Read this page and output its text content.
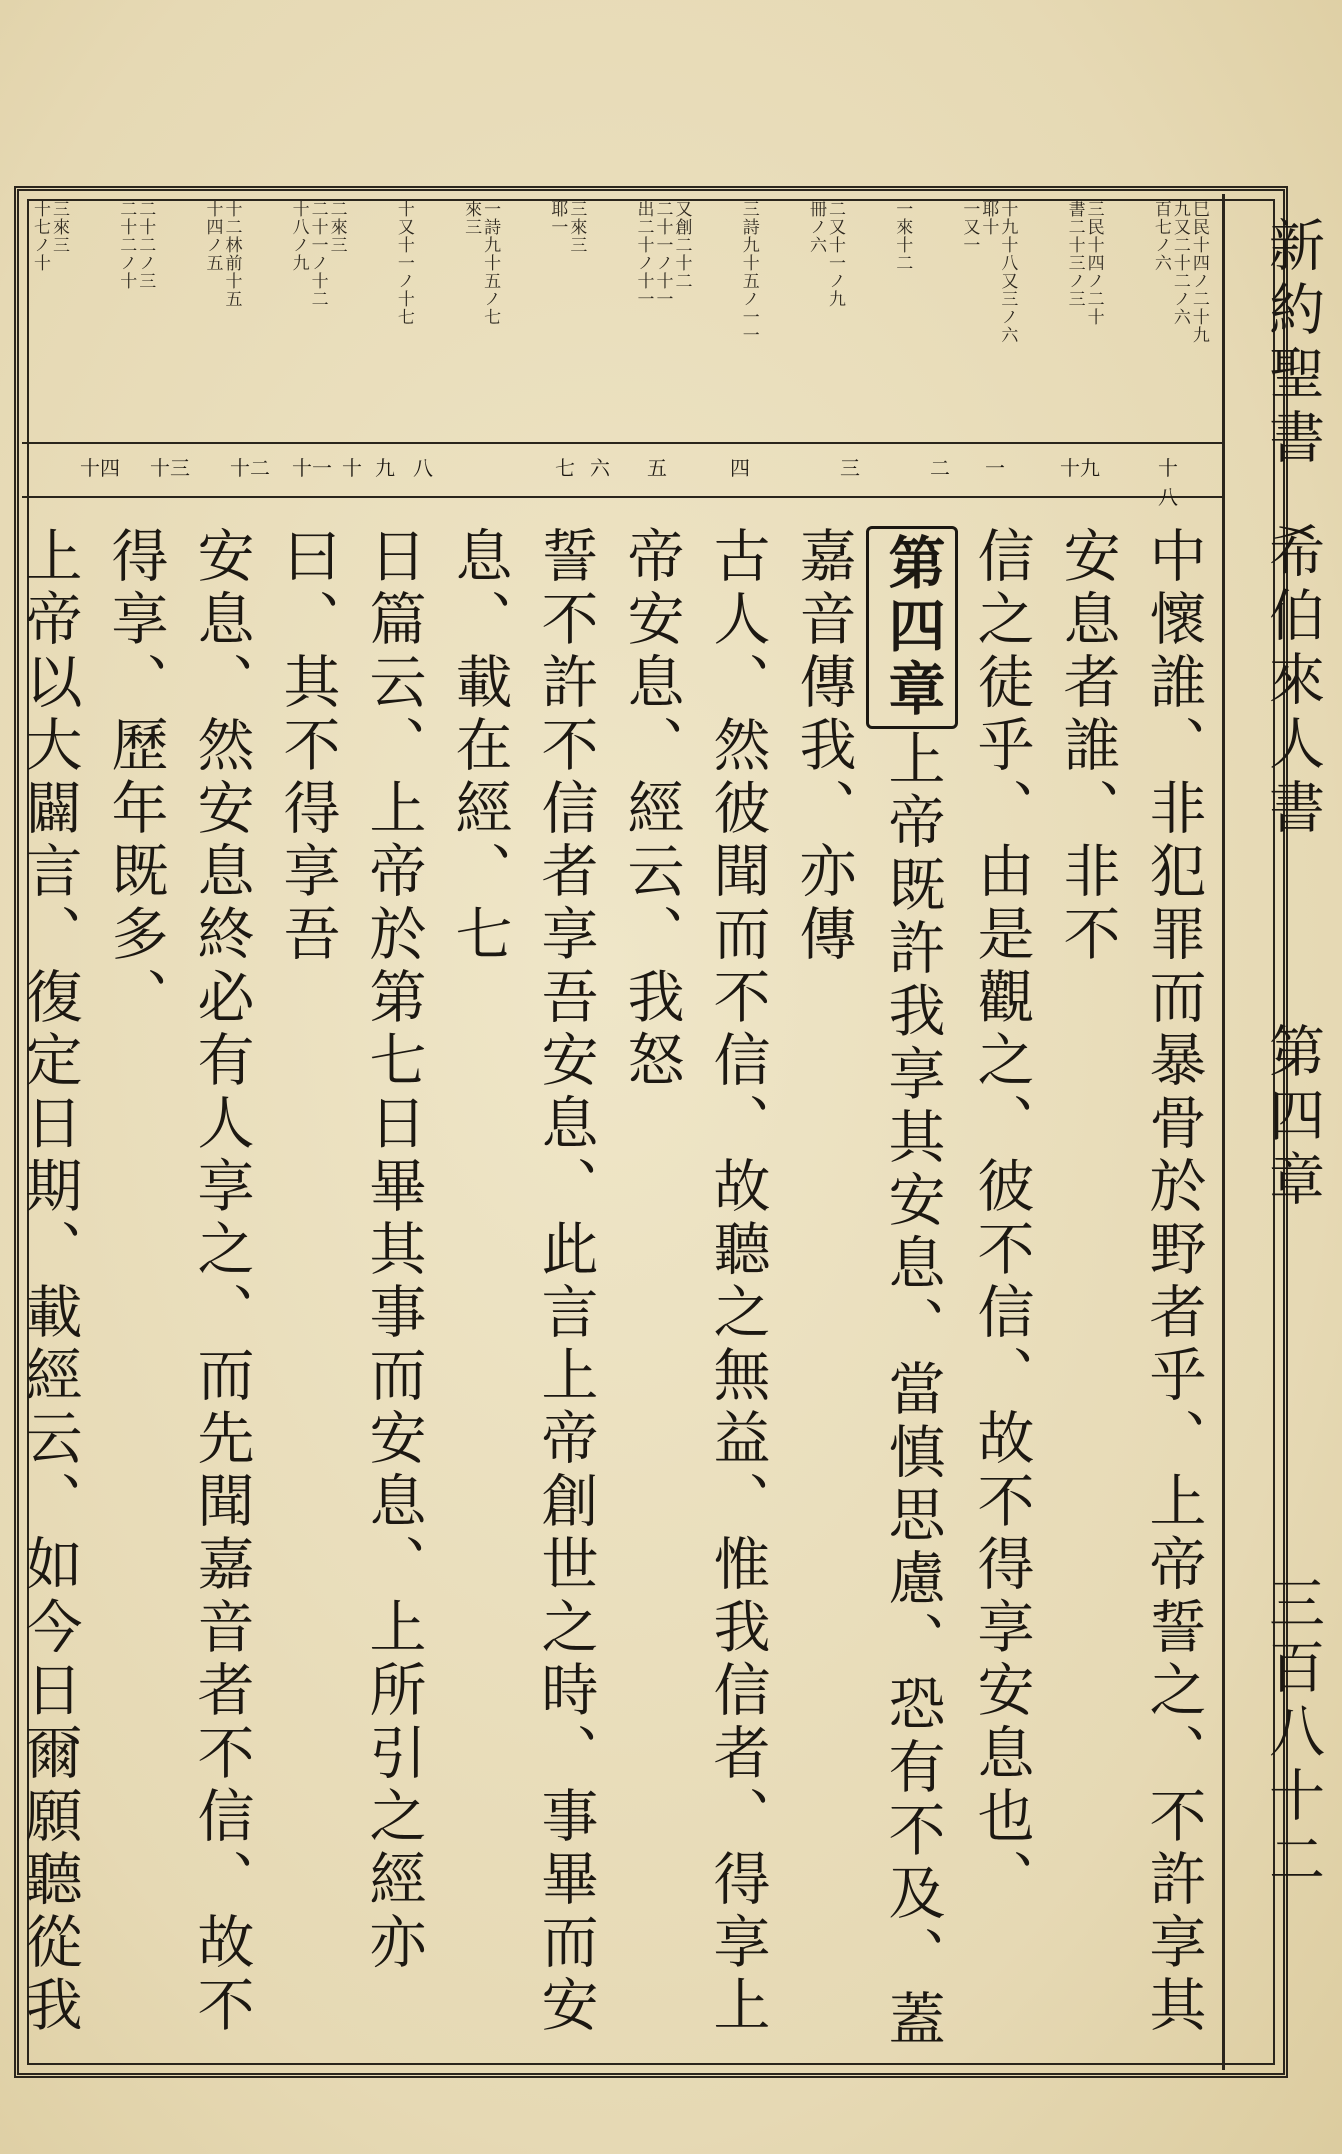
新約聖書
希伯來人書
第四章
三百八十二
巳民十四ノ二十九
九又二十二ノ六
百七ノ六
三民十四ノ二十
書二十三ノ三
十九十八又三ノ六
耶十
一又一
一來十二
二又十一ノ九
冊ノ六
三詩九十五ノ一一
又創二十二
二十一ノ十一
出二十ノ十一
三來三
耶一
一詩九十五ノ七
來三
十又十一ノ十七
二來三
二十一ノ十二
十八ノ九
十二林前十五
十四ノ五
二十二ノ三
二十二ノ十
三來三
十七ノ十
十八
十九
一
二
三
四
五
六
七
八
九
十
十一
十二
十三
十四

中懷誰、非犯罪而暴骨於野者乎、上帝誓之、不許享其安息者誰、非不

信之徒乎、由是觀之、彼不信、故不得享安息也、

第四章上帝既許我享其安息、當慎思慮、恐有不及、蓋嘉音傳我、亦傳

古人、然彼聞而不信、故聽之無益、惟我信者、得享上帝安息、經云、我怒

誓不許不信者享吾安息、此言上帝創世之時、事畢而安息、載在經、七

日篇云、上帝於第七日畢其事而安息、上所引之經亦曰、其不得享吾

安息、然安息終必有人享之、而先聞嘉音者不信、故不得享、歷年既多、

上帝以大闢言、復定日期、載經云、如今日爾願聽從我
